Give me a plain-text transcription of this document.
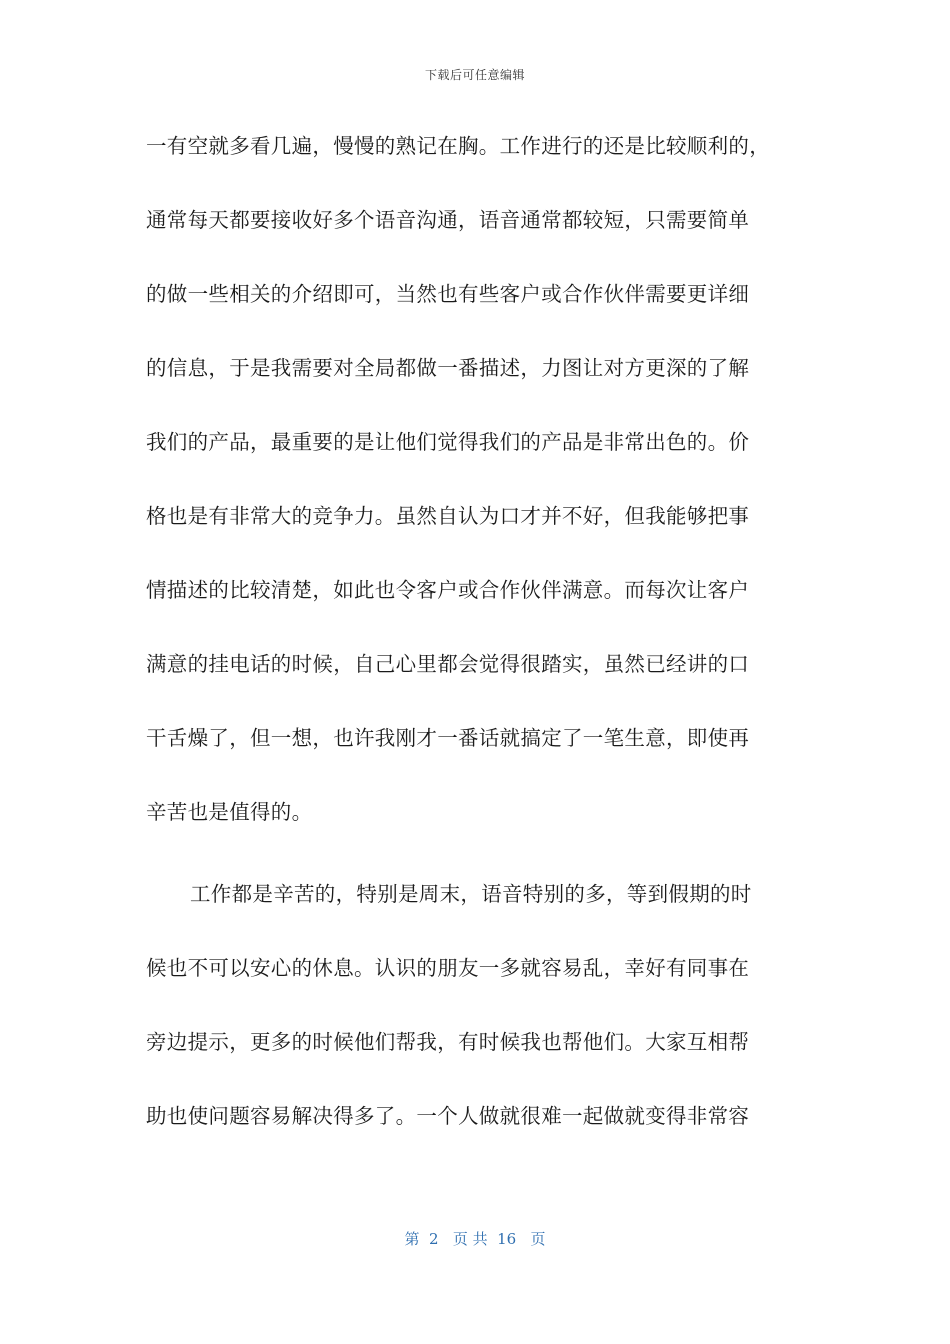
下载后可任意编辑
一有空就多看几遍，慢慢的熟记在胸。工作进行的还是比较顺利的，
通常每天都要接收好多个语音沟通，语音通常都较短，只需要简单
的做一些相关的介绍即可，当然也有些客户或合作伙伴需要更详细
的信息，于是我需要对全局都做一番描述，力图让对方更深的了解
我们的产品，最重要的是让他们觉得我们的产品是非常出色的。价
格也是有非常大的竞争力。虽然自认为口才并不好，但我能够把事
情描述的比较清楚，如此也令客户或合作伙伴满意。而每次让客户
满意的挂电话的时候，自己心里都会觉得很踏实，虽然已经讲的口
干舌燥了，但一想，也许我刚才一番话就搞定了一笔生意，即使再
辛苦也是值得的。
工作都是辛苦的，特别是周末，语音特别的多，等到假期的时
候也不可以安心的休息。认识的朋友一多就容易乱，幸好有同事在
旁边提示，更多的时候他们帮我，有时候我也帮他们。大家互相帮
助也使问题容易解决得多了。一个人做就很难一起做就变得非常容
第  2   页 共  16   页
